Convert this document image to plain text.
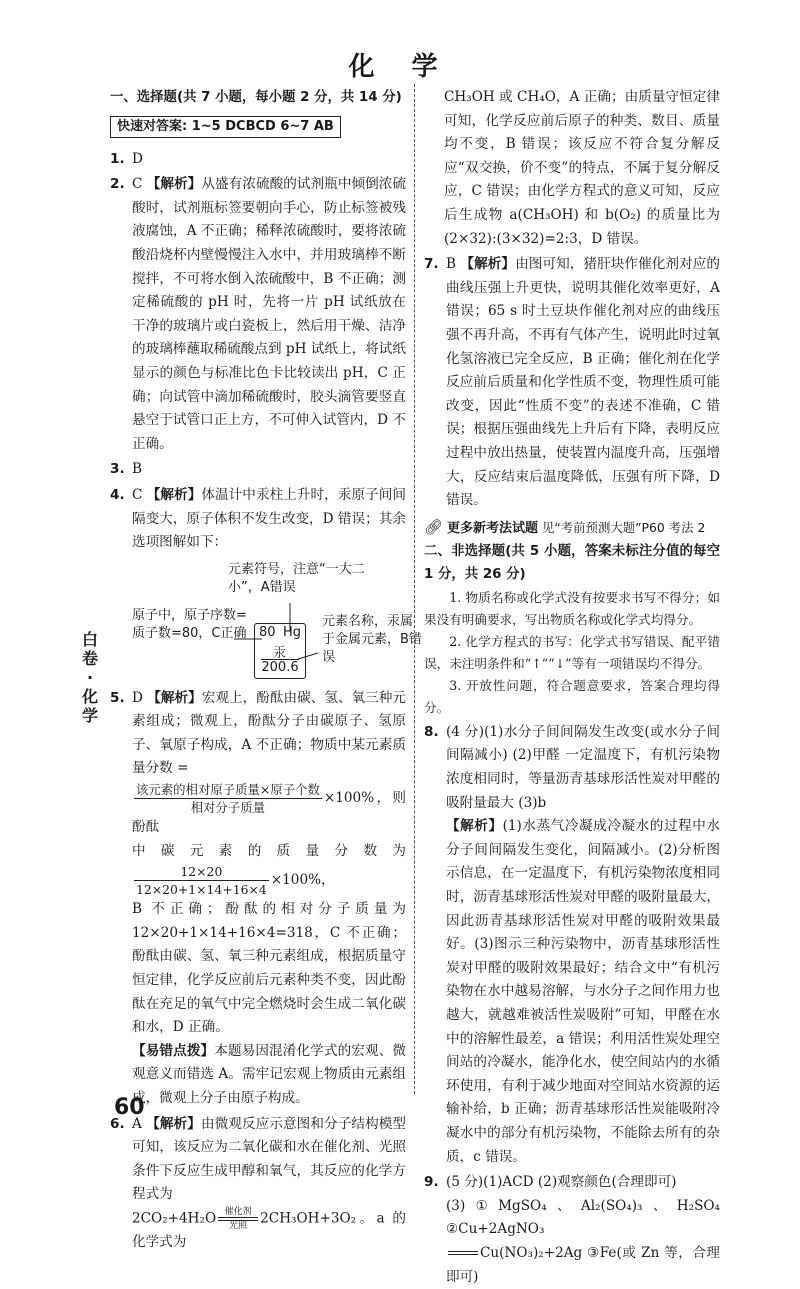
化 学
白卷·化学

一、选择题(共 7 小题，每小题 2 分，共 14 分)

快速对答案: 1~5 DCBCD 6~7 AB

1. D

2. C 【解析】从盛有浓硫酸的试剂瓶中倾倒浓硫酸时，试剂瓶标签要朝向手心，防止标签被残液腐蚀，A 不正确；稀释浓硫酸时，要将浓硫酸沿烧杯内壁慢慢注入水中，并用玻璃棒不断搅拌，不可将水倒入浓硫酸中，B 不正确；测定稀硫酸的 pH 时，先将一片 pH 试纸放在干净的玻璃片或白瓷板上，然后用干燥、洁净的玻璃棒蘸取稀硫酸点到 pH 试纸上，将试纸显示的颜色与标准比色卡比较读出 pH，C 正确；向试管中滴加稀硫酸时，胶头滴管要竖直悬空于试管口正上方，不可伸入试管内，D 不正确。

3. B

4. C 【解析】体温计中汞柱上升时，汞原子间间隔变大，原子体积不发生改变，D 错误；其余选项图解如下：

元素符号，注意“一大二小”，A错误
原子中，原子序数=质子数=80，C正确
元素名称，汞属于金属元素，B错误
80 Hg
汞
200.6

5. D 【解析】宏观上，酚酞由碳、氢、氧三种元素组成；微观上，酚酞分子由碳原子、氢原子、氧原子构成，A 不正确；物质中某元素质量分数 =

$\frac{\text{该元素的相对原子质量×原子个数}}{\text{相对分子质量}} \times 100\%$，则酚酞

中碳元素的质量分数为
$\frac{12\times 20}{12\times 20+1\times 14+16\times 4} \times 100\%$，

B 不正确；酚酞的相对分子质量为 12×20+1×14+16×4=318，C 不正确；酚酞由碳、氢、氧三种元素组成，根据质量守恒定律，化学反应前后元素种类不变，因此酚酞在充足的氧气中完全燃烧时会生成二氧化碳和水，D 正确。

【易错点拨】本题易因混淆化学式的宏观、微观意义而错选 A。需牢记宏观上物质由元素组成，微观上分子由原子构成。

6. A 【解析】由微观反应示意图和分子结构模型可知，该反应为二氧化碳和水在催化剂、光照条件下反应生成甲醇和氧气，其反应的化学方程式为

2CO₂+4H₂O 催化剂
光照 2CH₃OH+3O₂。a 的化学式为

CH₃OH 或 CH₄O，A 正确；由质量守恒定律可知，化学反应前后原子的种类、数目、质量均不变，B 错误；该反应不符合复分解反应“双交换，价不变”的特点，不属于复分解反应，C 错误；由化学方程式的意义可知，反应后生成物 a(CH₃OH) 和 b(O₂) 的质量比为 (2×32):(3×32)=2:3，D 错误。

7. B 【解析】由图可知，猪肝块作催化剂对应的曲线压强上升更快，说明其催化效率更好，A 错误；65 s 时土豆块作催化剂对应的曲线压强不再升高，不再有气体产生，说明此时过氧化氢溶液已完全反应，B 正确；催化剂在化学反应前后质量和化学性质不变，物理性质可能改变，因此“性质不变”的表述不准确，C 错误；根据压强曲线先上升后有下降，表明反应过程中放出热量，使装置内温度升高，压强增大，反应结束后温度降低，压强有所下降，D 错误。

🔗︎ 更多新考法试题 见“考前预测大题”P60 考法 2

二、非选择题(共 5 小题，答案未标注分值的每空 1 分，共 26 分)

1. 物质名称或化学式没有按要求书写不得分；如果没有明确要求，写出物质名称或化学式均得分。

2. 化学方程式的书写：化学式书写错误、配平错误，未注明条件和“↑”“↓”等有一项错误均不得分。

3. 开放性问题，符合题意要求，答案合理均得分。

8. (4 分)(1)水分子间间隔发生改变(或水分子间间隔减小) (2)甲醛 一定温度下，有机污染物浓度相同时，等量沥青基球形活性炭对甲醛的吸附量最大 (3)b

【解析】(1)水蒸气冷凝成冷凝水的过程中水分子间间隔发生变化，间隔减小。(2)分析图示信息，在一定温度下，有机污染物浓度相同时，沥青基球形活性炭对甲醛的吸附量最大，因此沥青基球形活性炭对甲醛的吸附效果最好。(3)图示三种污染物中，沥青基球形活性炭对甲醛的吸附效果最好；结合文中“有机污染物在水中越易溶解，与水分子之间作用力也越大，就越难被活性炭吸附”可知，甲醛在水中的溶解性最差，a 错误；利用活性炭处理空间站的冷凝水，能净化水，使空间站内的水循环使用，有利于减少地面对空间站水资源的运输补给，b 正确；沥青基球形活性炭能吸附冷凝水中的部分有机污染物，不能除去所有的杂质，c 错误。

9. (5 分)(1)ACD (2)观察颜色(合理即可)

(3)①MgSO₄、Al₂(SO₄)₃、H₂SO₄ ②Cu+2AgNO₃

Cu(NO₃)₂+2Ag ③Fe(或 Zn 等，合理即可)

60
